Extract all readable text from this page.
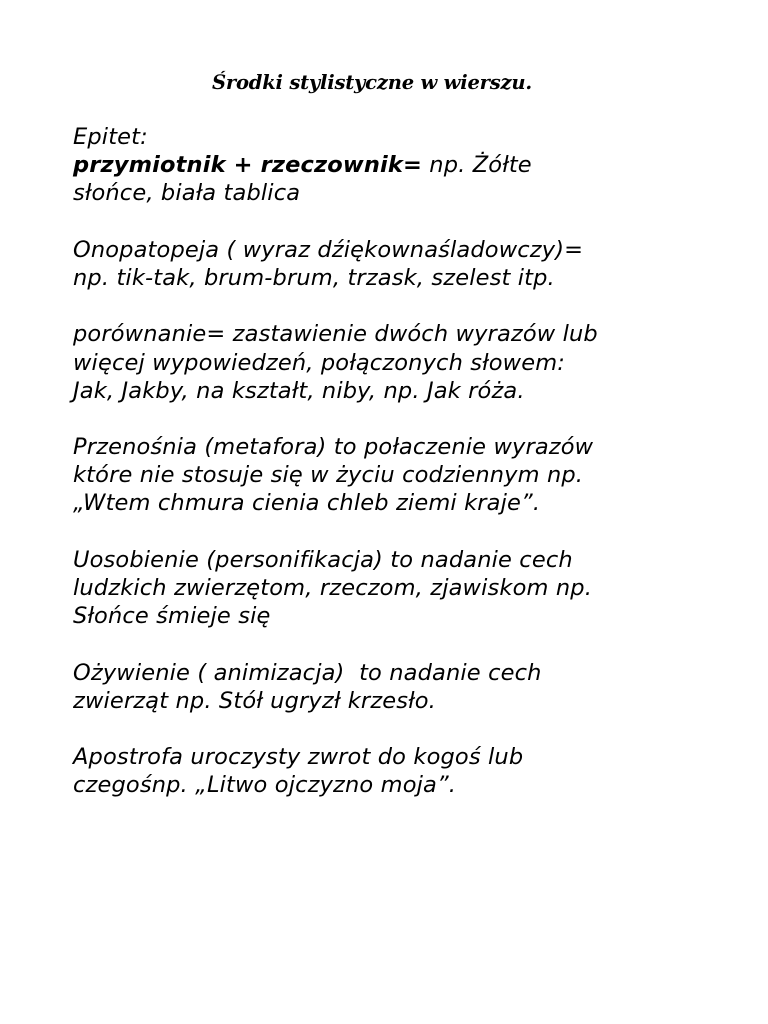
Środki stylistyczne w wierszu.
Epitet:
przymiotnik + rzeczownik= np. Żółte
słońce, biała tablica
Onopatopeja ( wyraz dźiękownaśladowczy)=
np. tik-tak, brum-brum, trzask, szelest itp.
porównanie= zastawienie dwóch wyrazów lub
więcej wypowiedzeń, połączonych słowem:
Jak, Jakby, na kształt, niby, np. Jak róża.
Przenośnia (metafora) to połaczenie wyrazów
które nie stosuje się w życiu codziennym np.
„Wtem chmura cienia chleb ziemi kraje”.
Uosobienie (personifikacja) to nadanie cech
ludzkich zwierzętom, rzeczom, zjawiskom np.
Słońce śmieje się
Ożywienie ( animizacja)  to nadanie cech
zwierząt np. Stół ugryzł krzesło.
Apostrofa uroczysty zwrot do kogoś lub
czegośnp. „Litwo ojczyzno moja”.
